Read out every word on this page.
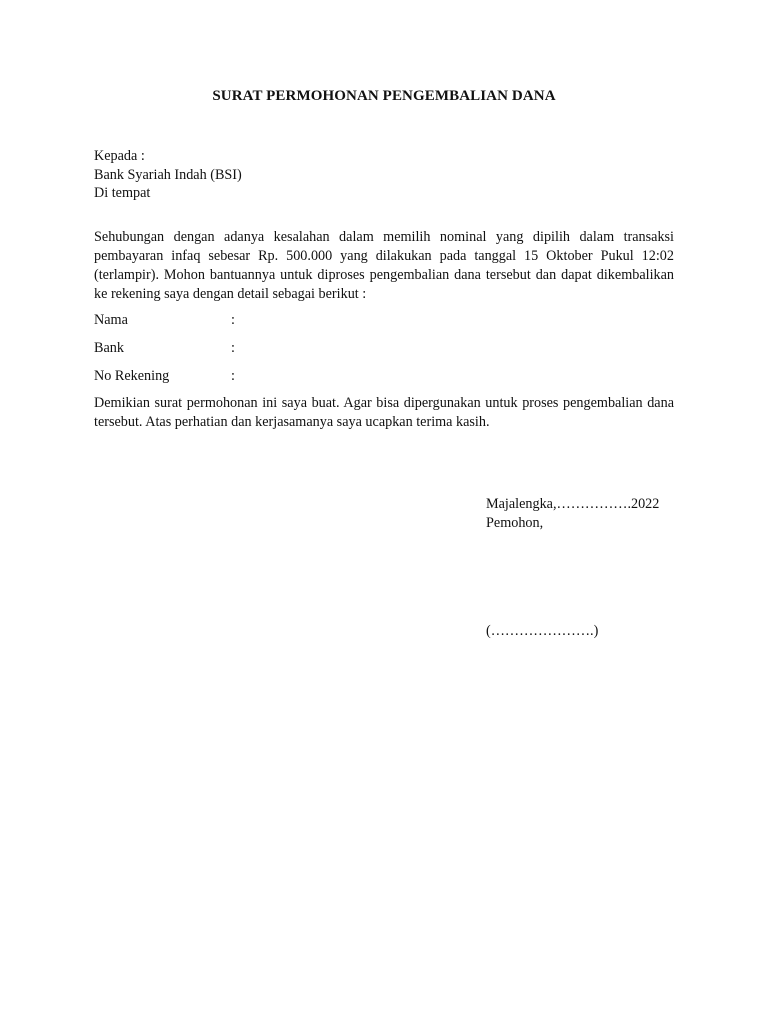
SURAT PERMOHONAN PENGEMBALIAN DANA
Kepada :
Bank Syariah Indah (BSI)
Di tempat
Sehubungan dengan adanya kesalahan dalam memilih nominal yang dipilih dalam transaksi pembayaran infaq sebesar Rp. 500.000 yang dilakukan pada tanggal 15 Oktober Pukul 12:02 (terlampir). Mohon bantuannya untuk diproses pengembalian dana tersebut dan dapat dikembalikan ke rekening saya dengan detail sebagai berikut :
Nama	:
Bank	:
No Rekening	:
Demikian surat permohonan ini saya buat. Agar bisa dipergunakan untuk proses pengembalian dana tersebut. Atas perhatian dan kerjasamanya saya ucapkan terima kasih.
Majalengka,…………….2022
Pemohon,
(………………….)
